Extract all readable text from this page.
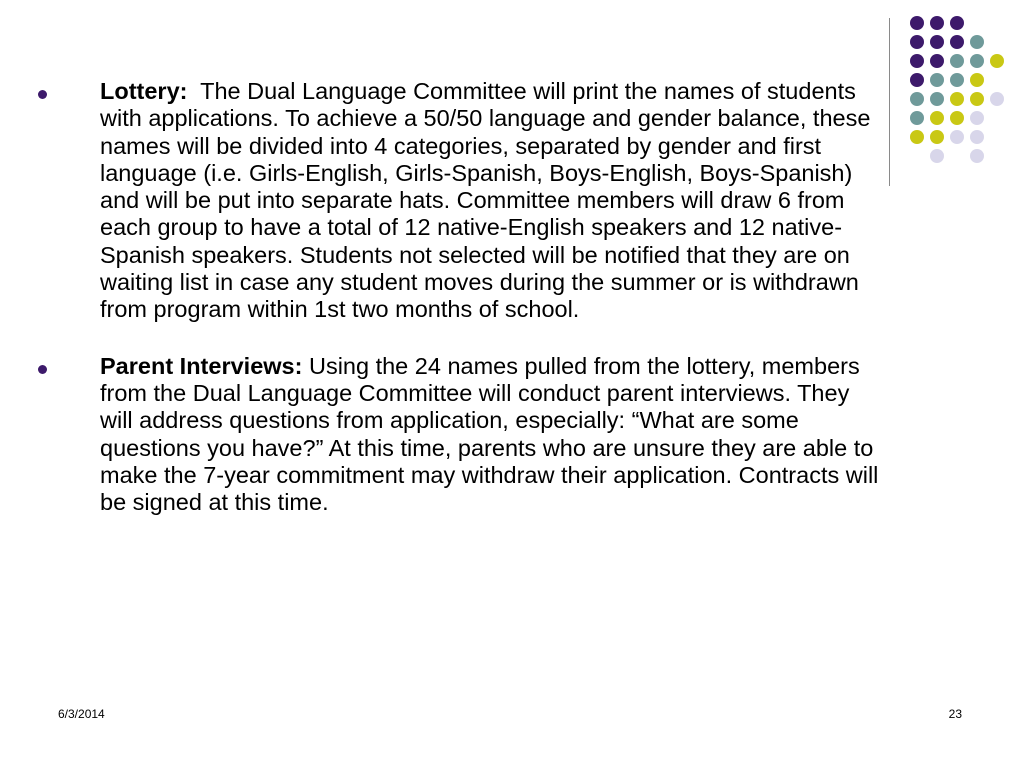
Lottery:  The Dual Language Committee will print the names of students with applications. To achieve a 50/50 language and gender balance, these names will be divided into 4 categories, separated by gender and first language (i.e. Girls-English, Girls-Spanish, Boys-English, Boys-Spanish) and will be put into separate hats. Committee members will draw 6 from each group to have a total of 12 native-English speakers and 12 native-Spanish speakers. Students not selected will be notified that they are on waiting list in case any student moves during the summer or is withdrawn from program within 1st two months of school.
Parent Interviews: Using the 24 names pulled from the lottery, members from the Dual Language Committee will conduct parent interviews. They will address questions from application, especially: “What are some questions you have?” At this time, parents who are unsure they are able to make the 7-year commitment may withdraw their application. Contracts will be signed at this time.
6/3/2014	23
